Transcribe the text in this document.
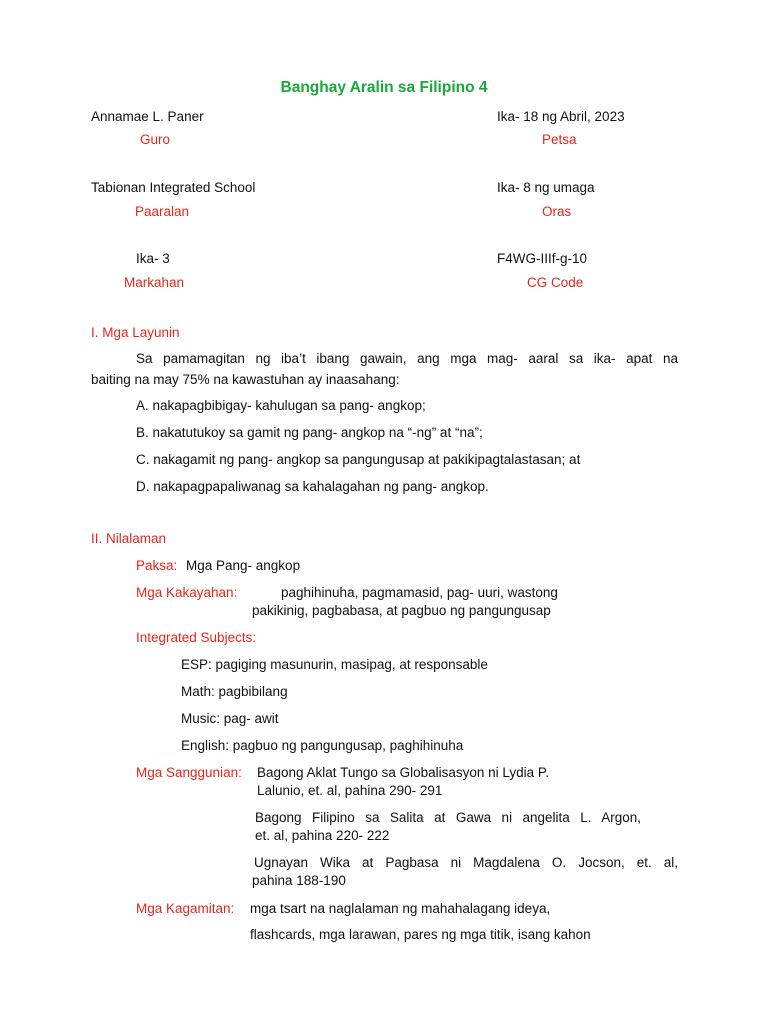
Banghay Aralin sa Filipino 4
Annamae L. Paner
Guro
Ika- 18 ng Abril, 2023
Petsa
Tabionan Integrated School
Paaralan
Ika- 8 ng umaga
Oras
Ika- 3
Markahan
F4WG-IIIf-g-10
CG Code
I. Mga Layunin
Sa pamamagitan ng iba’t ibang gawain, ang mga mag- aaral sa ika- apat na
baiting na may 75% na kawastuhan ay inaasahang:
A. nakapagbibigay- kahulugan sa pang- angkop;
B. nakatutukoy sa gamit ng pang- angkop na “-ng” at “na”;
C. nakagamit ng pang- angkop sa pangungusap at pakikipagtalastasan; at
D. nakapagpapaliwanag sa kahalagahan ng pang- angkop.
II. Nilalaman
Paksa: Mga Pang- angkop
Mga Kakayahan:	paghihinuha, pagmamasid, pag- uuri, wastong
pakikinig, pagbabasa, at pagbuo ng pangungusap
Integrated Subjects:
ESP: pagiging masunurin, masipag, at responsable
Math: pagbibilang
Music: pag- awit
English: pagbuo ng pangungusap, paghihinuha
Mga Sanggunian: Bagong Aklat Tungo sa Globalisasyon ni Lydia P.
Lalunio, et. al, pahina 290- 291
Bagong Filipino sa Salita at Gawa ni angelita L. Argon,
et. al, pahina 220- 222
Ugnayan Wika at Pagbasa ni Magdalena O. Jocson, et. al,
pahina 188-190
Mga Kagamitan: mga tsart na naglalaman ng mahahalagang ideya,
flashcards, mga larawan, pares ng mga titik, isang kahon
